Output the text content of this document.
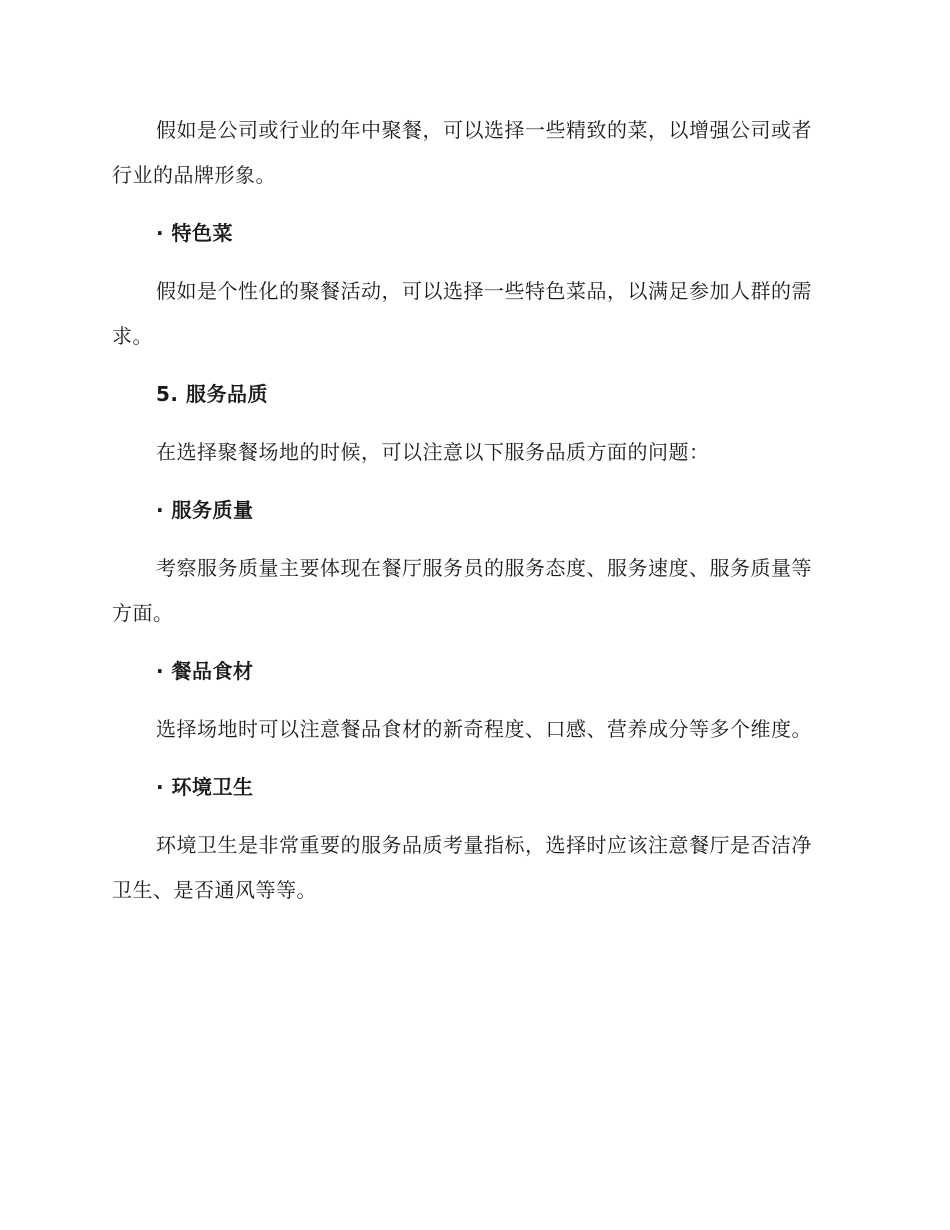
假如是公司或行业的年中聚餐，可以选择一些精致的菜，以增强公司或者行业的品牌形象。

· 特色菜

假如是个性化的聚餐活动，可以选择一些特色菜品，以满足参加人群的需求。

5. 服务品质

在选择聚餐场地的时候，可以注意以下服务品质方面的问题：

· 服务质量

考察服务质量主要体现在餐厅服务员的服务态度、服务速度、服务质量等方面。

· 餐品食材

选择场地时可以注意餐品食材的新奇程度、口感、营养成分等多个维度。

· 环境卫生

环境卫生是非常重要的服务品质考量指标，选择时应该注意餐厅是否洁净卫生、是否通风等等。
